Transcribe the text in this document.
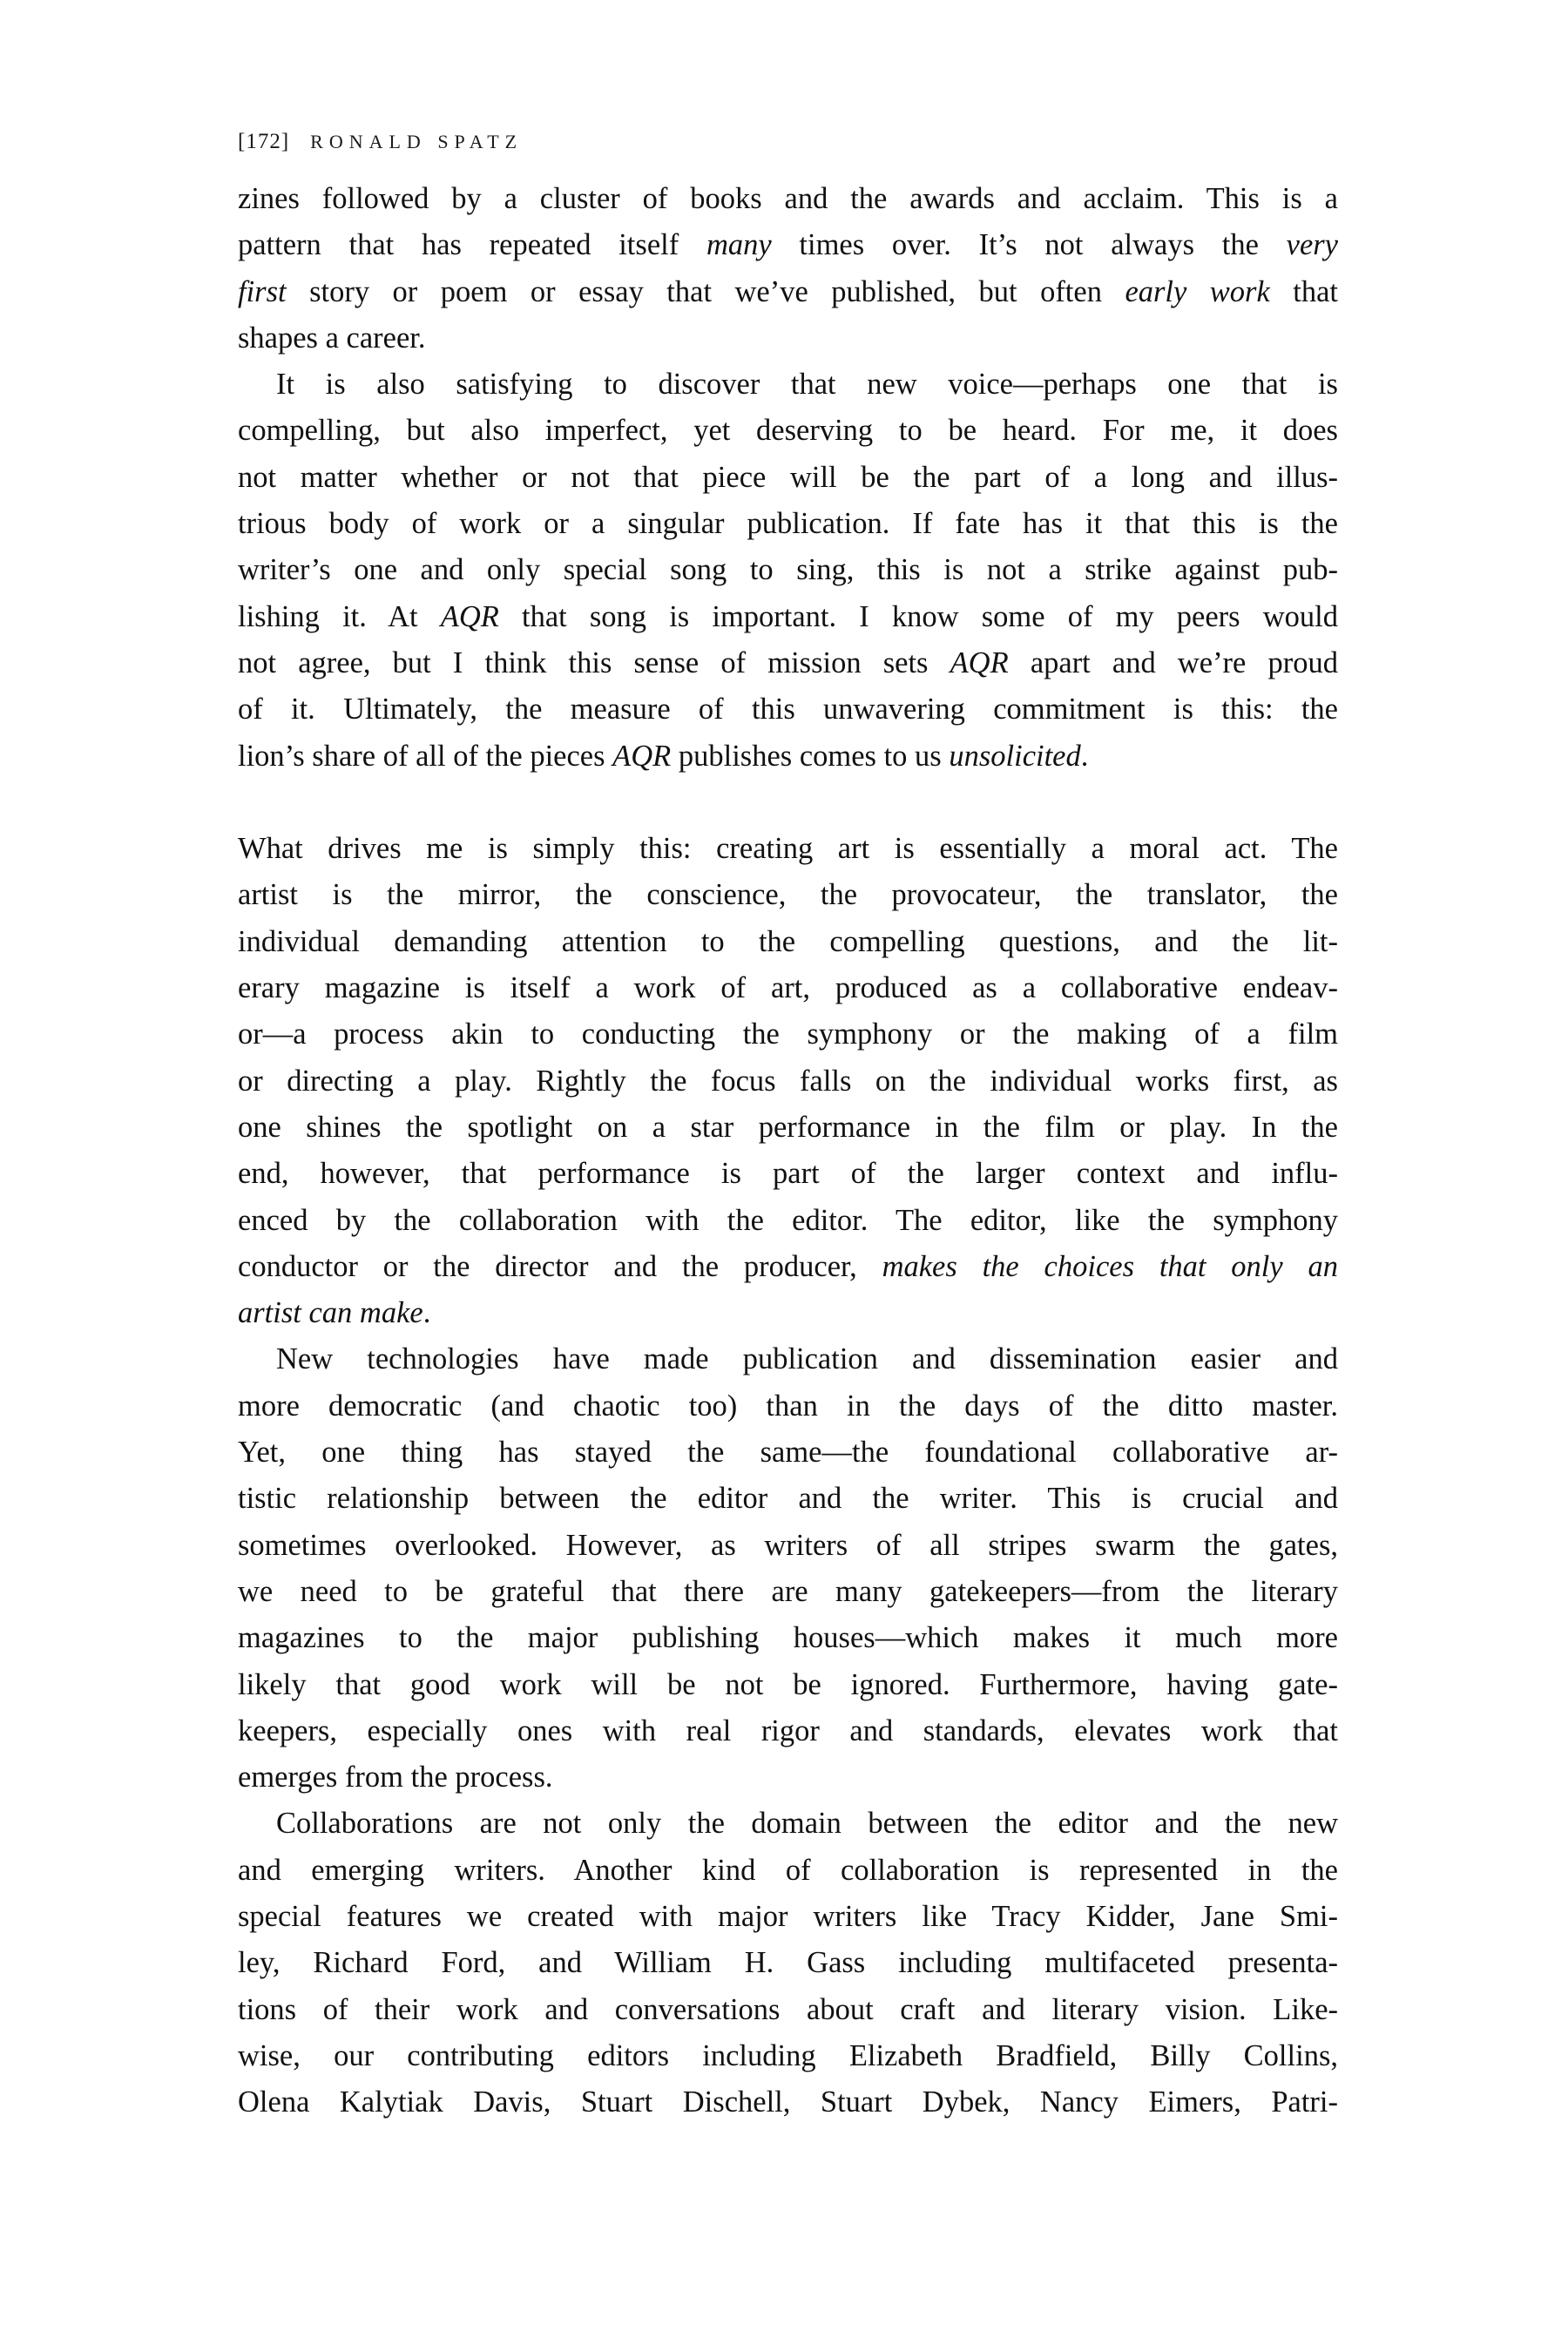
[172] RONALD SPATZ
zines followed by a cluster of books and the awards and acclaim. This is a
pattern that has repeated itself many times over. It’s not always the very
first story or poem or essay that we’ve published, but often early work that
shapes a career.
It is also satisfying to discover that new voice—perhaps one that is
compelling, but also imperfect, yet deserving to be heard. For me, it does
not matter whether or not that piece will be the part of a long and illus-
trious body of work or a singular publication. If fate has it that this is the
writer’s one and only special song to sing, this is not a strike against pub-
lishing it. At AQR that song is important. I know some of my peers would
not agree, but I think this sense of mission sets AQR apart and we’re proud
of it. Ultimately, the measure of this unwavering commitment is this: the
lion’s share of all of the pieces AQR publishes comes to us unsolicited.
What drives me is simply this: creating art is essentially a moral act. The
artist is the mirror, the conscience, the provocateur, the translator, the
individual demanding attention to the compelling questions, and the lit-
erary magazine is itself a work of art, produced as a collaborative endeav-
or—a process akin to conducting the symphony or the making of a film
or directing a play. Rightly the focus falls on the individual works first, as
one shines the spotlight on a star performance in the film or play. In the
end, however, that performance is part of the larger context and influ-
enced by the collaboration with the editor. The editor, like the symphony
conductor or the director and the producer, makes the choices that only an
artist can make.
New technologies have made publication and dissemination easier and
more democratic (and chaotic too) than in the days of the ditto master.
Yet, one thing has stayed the same—the foundational collaborative ar-
tistic relationship between the editor and the writer. This is crucial and
sometimes overlooked. However, as writers of all stripes swarm the gates,
we need to be grateful that there are many gatekeepers—from the literary
magazines to the major publishing houses—which makes it much more
likely that good work will be not be ignored. Furthermore, having gate-
keepers, especially ones with real rigor and standards, elevates work that
emerges from the process.
Collaborations are not only the domain between the editor and the new
and emerging writers. Another kind of collaboration is represented in the
special features we created with major writers like Tracy Kidder, Jane Smi-
ley, Richard Ford, and William H. Gass including multifaceted presenta-
tions of their work and conversations about craft and literary vision. Like-
wise, our contributing editors including Elizabeth Bradfield, Billy Collins,
Olena Kalytiak Davis, Stuart Dischell, Stuart Dybek, Nancy Eimers, Patri-
